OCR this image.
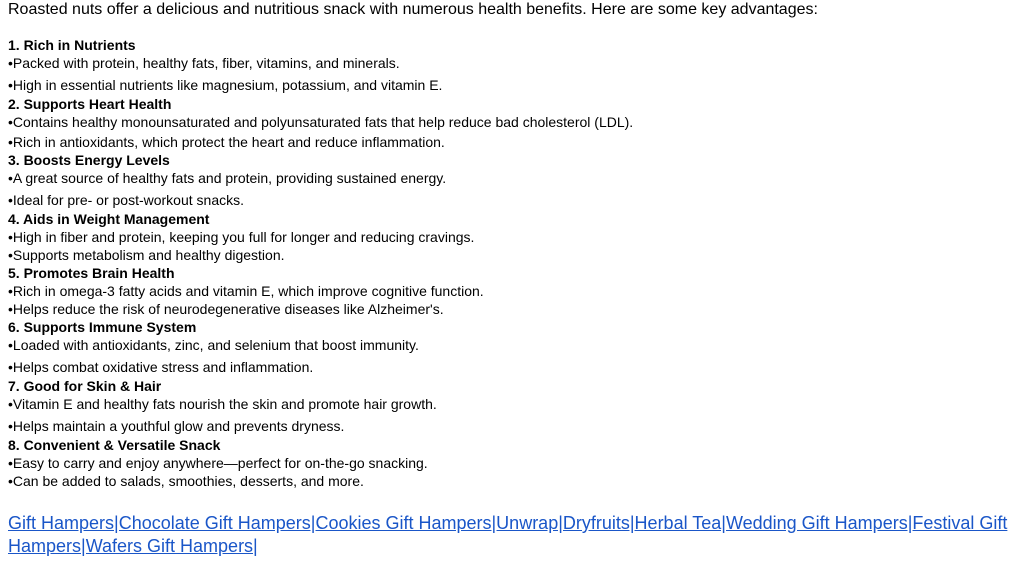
Roasted nuts offer a delicious and nutritious snack with numerous health benefits. Here are some key advantages:
1. Rich in Nutrients
•Packed with protein, healthy fats, fiber, vitamins, and minerals.
•High in essential nutrients like magnesium, potassium, and vitamin E.
2. Supports Heart Health
•Contains healthy monounsaturated and polyunsaturated fats that help reduce bad cholesterol (LDL).
•Rich in antioxidants, which protect the heart and reduce inflammation.
3. Boosts Energy Levels
•A great source of healthy fats and protein, providing sustained energy.
•Ideal for pre- or post-workout snacks.
4. Aids in Weight Management
•High in fiber and protein, keeping you full for longer and reducing cravings.
•Supports metabolism and healthy digestion.
5. Promotes Brain Health
•Rich in omega-3 fatty acids and vitamin E, which improve cognitive function.
•Helps reduce the risk of neurodegenerative diseases like Alzheimer's.
6. Supports Immune System
•Loaded with antioxidants, zinc, and selenium that boost immunity.
•Helps combat oxidative stress and inflammation.
7. Good for Skin & Hair
•Vitamin E and healthy fats nourish the skin and promote hair growth.
•Helps maintain a youthful glow and prevents dryness.
8. Convenient & Versatile Snack
•Easy to carry and enjoy anywhere—perfect for on-the-go snacking.
•Can be added to salads, smoothies, desserts, and more.
Gift Hampers|Chocolate Gift Hampers|Cookies Gift Hampers|Unwrap|Dryfruits|Herbal Tea|Wedding Gift Hampers|Festival Gift Hampers|Wafers Gift Hampers|
